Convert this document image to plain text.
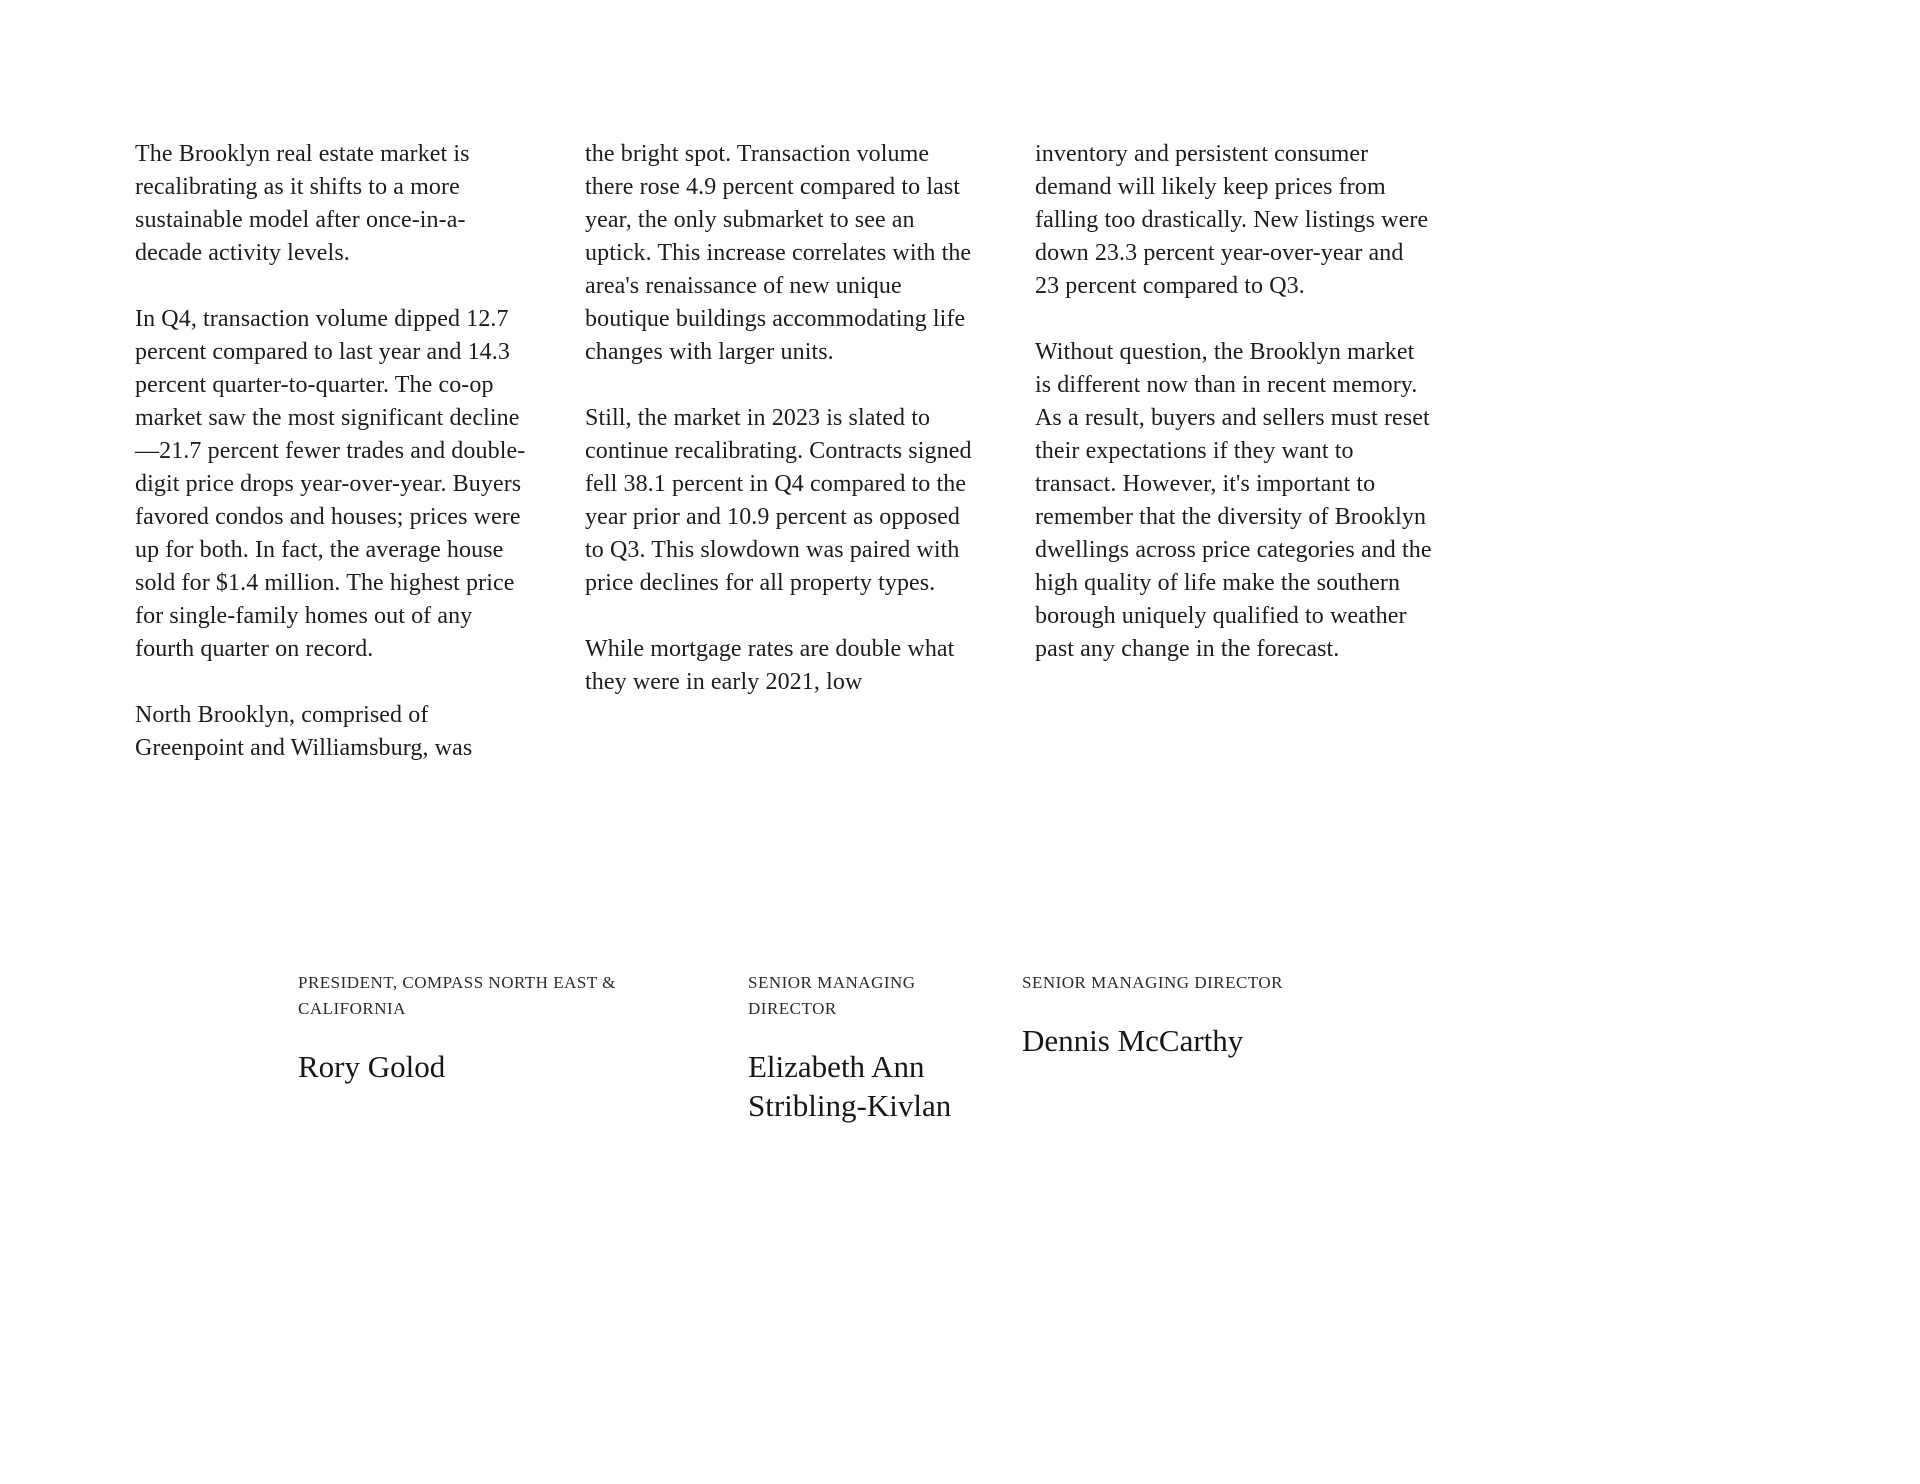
The Brooklyn real estate market is recalibrating as it shifts to a more sustainable model after once-in-a-decade activity levels.

In Q4, transaction volume dipped 12.7 percent compared to last year and 14.3 percent quarter-to-quarter. The co-op market saw the most significant decline—21.7 percent fewer trades and double-digit price drops year-over-year. Buyers favored condos and houses; prices were up for both. In fact, the average house sold for $1.4 million. The highest price for single-family homes out of any fourth quarter on record.

North Brooklyn, comprised of Greenpoint and Williamsburg, was

the bright spot. Transaction volume there rose 4.9 percent compared to last year, the only submarket to see an uptick. This increase correlates with the area's renaissance of new unique boutique buildings accommodating life changes with larger units.

Still, the market in 2023 is slated to continue recalibrating. Contracts signed fell 38.1 percent in Q4 compared to the year prior and 10.9 percent as opposed to Q3. This slowdown was paired with price declines for all property types.

While mortgage rates are double what they were in early 2021, low

inventory and persistent consumer demand will likely keep prices from falling too drastically. New listings were down 23.3 percent year-over-year and 23 percent compared to Q3.

Without question, the Brooklyn market is different now than in recent memory. As a result, buyers and sellers must reset their expectations if they want to transact. However, it's important to remember that the diversity of Brooklyn dwellings across price categories and the high quality of life make the southern borough uniquely qualified to weather past any change in the forecast.

PRESIDENT, COMPASS NORTH EAST & CALIFORNIA
Rory Golod
SENIOR MANAGING DIRECTOR
Elizabeth Ann Stribling-Kivlan
SENIOR MANAGING DIRECTOR
Dennis McCarthy
